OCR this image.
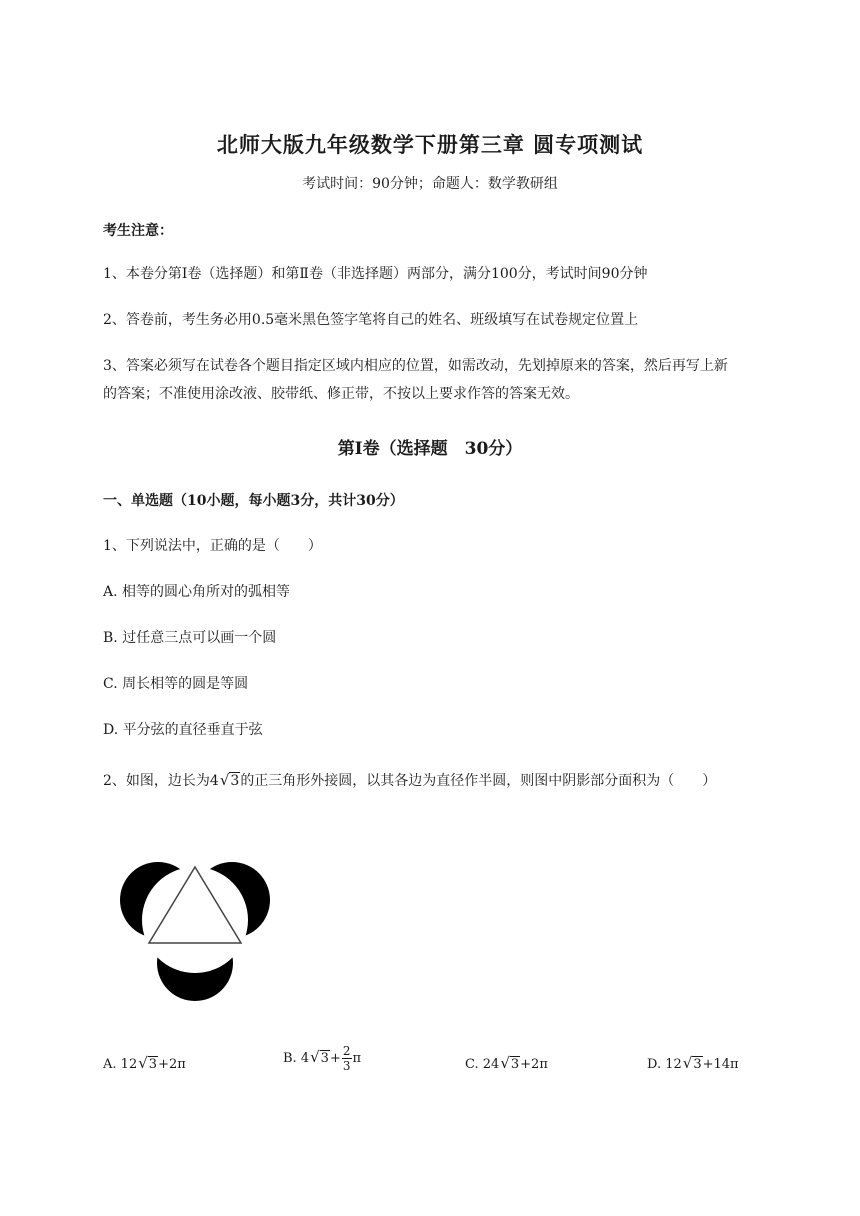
北师大版九年级数学下册第三章 圆专项测试
考试时间：90分钟；命题人：数学教研组
考生注意：
1、本卷分第Ⅰ卷（选择题）和第Ⅱ卷（非选择题）两部分，满分100分，考试时间90分钟
2、答卷前，考生务必用0.5毫米黑色签字笔将自己的姓名、班级填写在试卷规定位置上
3、答案必须写在试卷各个题目指定区域内相应的位置，如需改动，先划掉原来的答案，然后再写上新
的答案；不准使用涂改液、胶带纸、修正带，不按以上要求作答的答案无效。
第Ⅰ卷（选择题　30分）
一、单选题（10小题，每小题3分，共计30分）
1、下列说法中，正确的是（　　）
A. 相等的圆心角所对的弧相等
B. 过任意三点可以画一个圆
C. 周长相等的圆是等圆
D. 平分弦的直径垂直于弦
2、如图，边长为4√3的正三角形外接圆，以其各边为直径作半圆，则图中阴影部分面积为（　　）
A. 12√3+2π	B. $4√3+ \frac{2}{3}$ π	C. 24√3+2π	D. 12√3+14π
